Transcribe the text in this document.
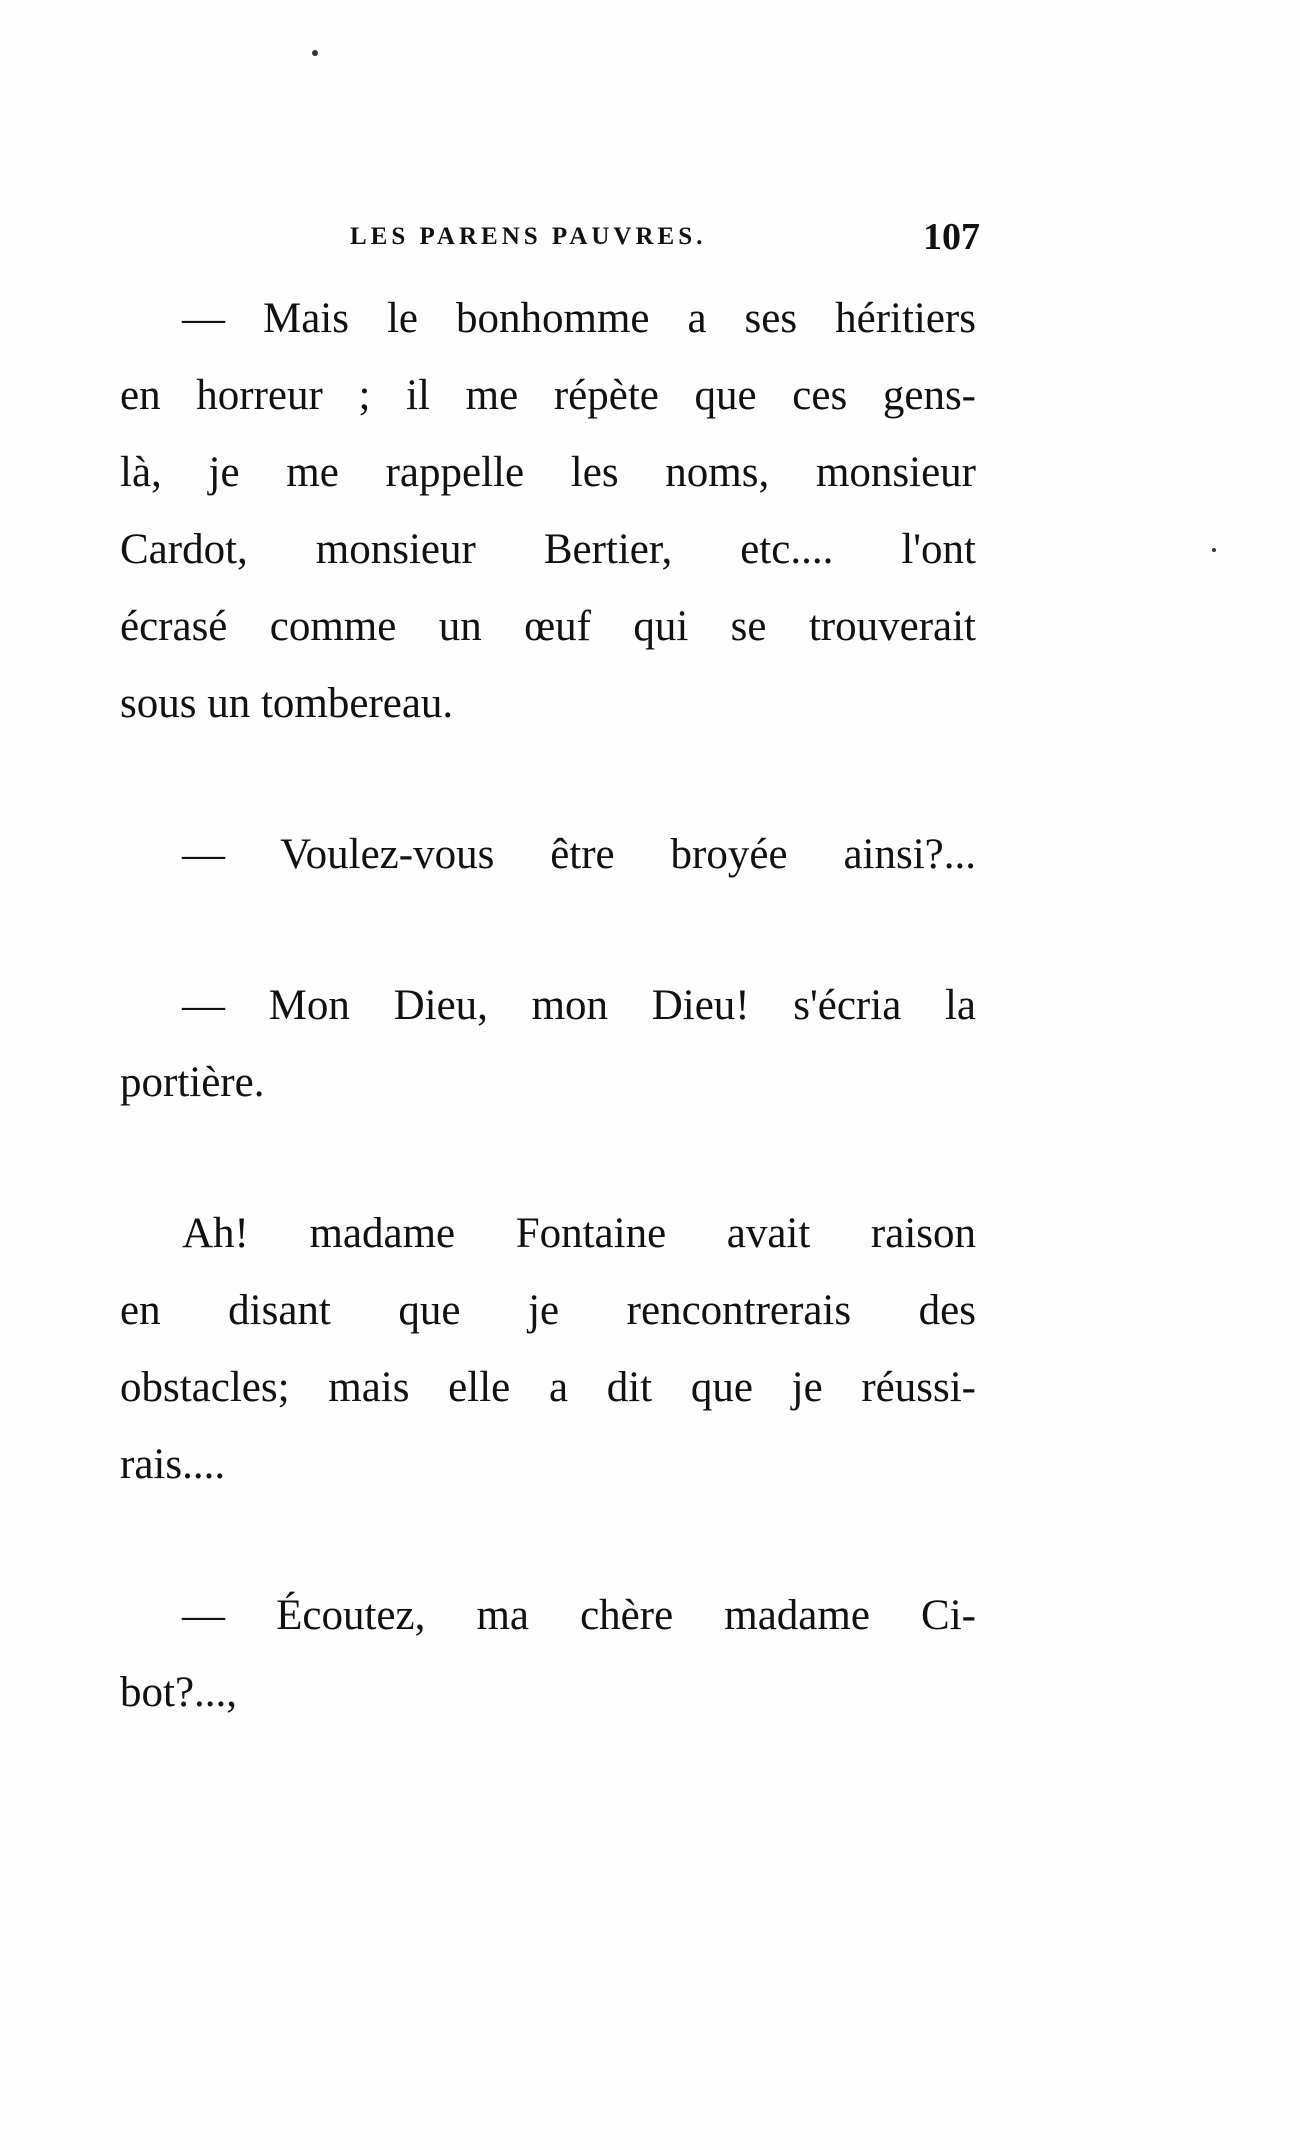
LES PARENS PAUVRES.	107

— Mais le bonhomme a ses héritiers
en horreur ; il me répète que ces gens-
là, je me rappelle les noms, monsieur
Cardot, monsieur Bertier, etc.... l'ont
écrasé comme un œuf qui se trouverait
sous un tombereau.

— Voulez-vous être broyée ainsi?...

— Mon Dieu, mon Dieu! s'écria la
portière.

Ah! madame Fontaine avait raison
en disant que je rencontrerais des
obstacles; mais elle a dit que je réussi-
rais....

— Écoutez, ma chère madame Ci-
bot?...,
